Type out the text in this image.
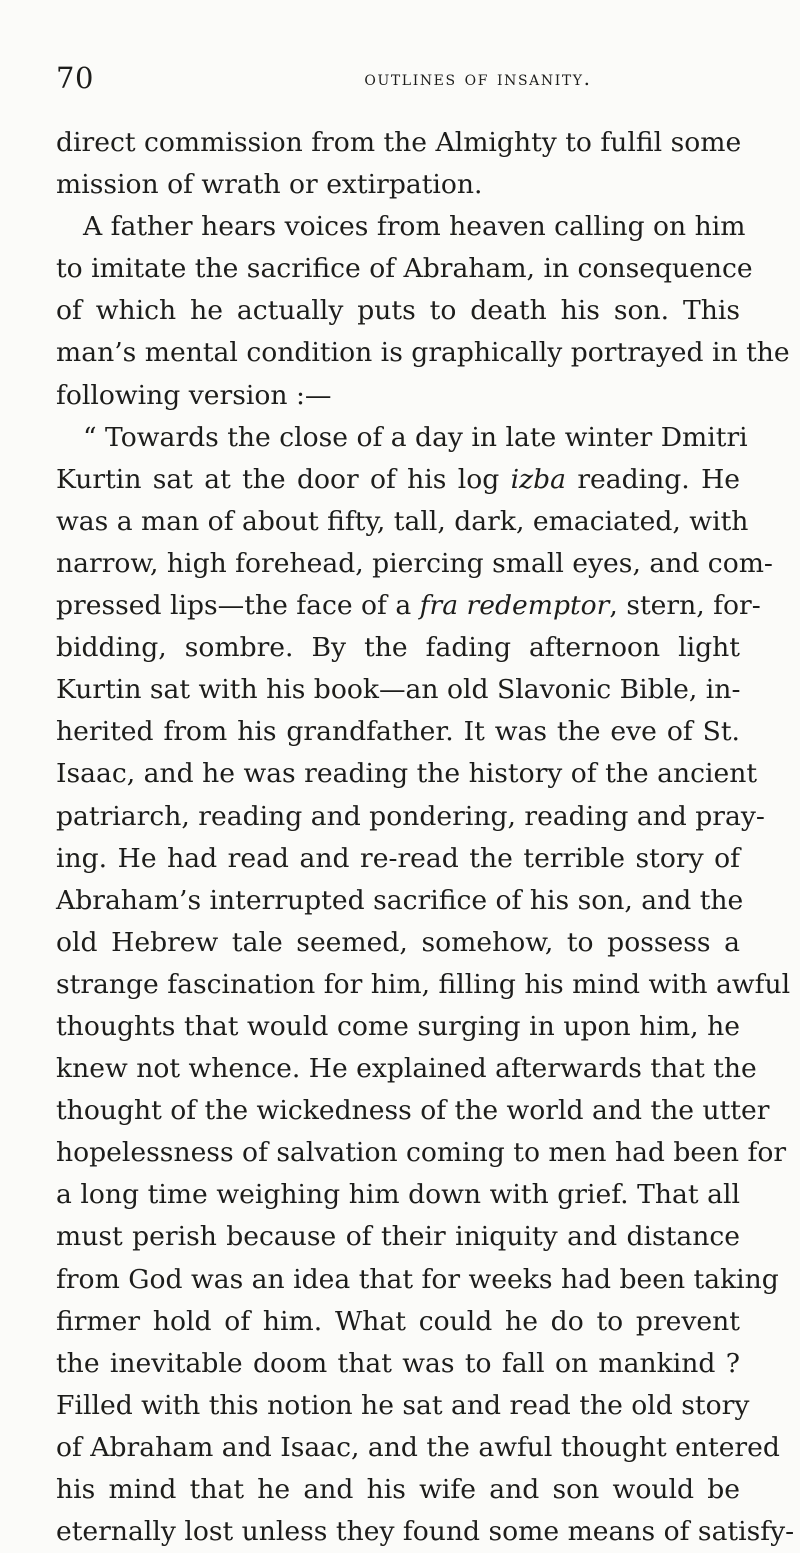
70	outlines of insanity.
direct commission from the Almighty to fulfil some
mission of wrath or extirpation.
A father hears voices from heaven calling on him
to imitate the sacrifice of Abraham, in consequence
of which he actually puts to death his son. This
man’s mental condition is graphically portrayed in the
following version :—
“ Towards the close of a day in late winter Dmitri
Kurtin sat at the door of his log izba reading. He
was a man of about fifty, tall, dark, emaciated, with
narrow, high forehead, piercing small eyes, and com-
pressed lips—the face of a fra redemptor, stern, for-
bidding, sombre. By the fading afternoon light
Kurtin sat with his book—an old Slavonic Bible, in-
herited from his grandfather. It was the eve of St.
Isaac, and he was reading the history of the ancient
patriarch, reading and pondering, reading and pray-
ing. He had read and re-read the terrible story of
Abraham’s interrupted sacrifice of his son, and the
old Hebrew tale seemed, somehow, to possess a
strange fascination for him, filling his mind with awful
thoughts that would come surging in upon him, he
knew not whence. He explained afterwards that the
thought of the wickedness of the world and the utter
hopelessness of salvation coming to men had been for
a long time weighing him down with grief. That all
must perish because of their iniquity and distance
from God was an idea that for weeks had been taking
firmer hold of him. What could he do to prevent
the inevitable doom that was to fall on mankind ?
Filled with this notion he sat and read the old story
of Abraham and Isaac, and the awful thought entered
his mind that he and his wife and son would be
eternally lost unless they found some means of satisfy-
